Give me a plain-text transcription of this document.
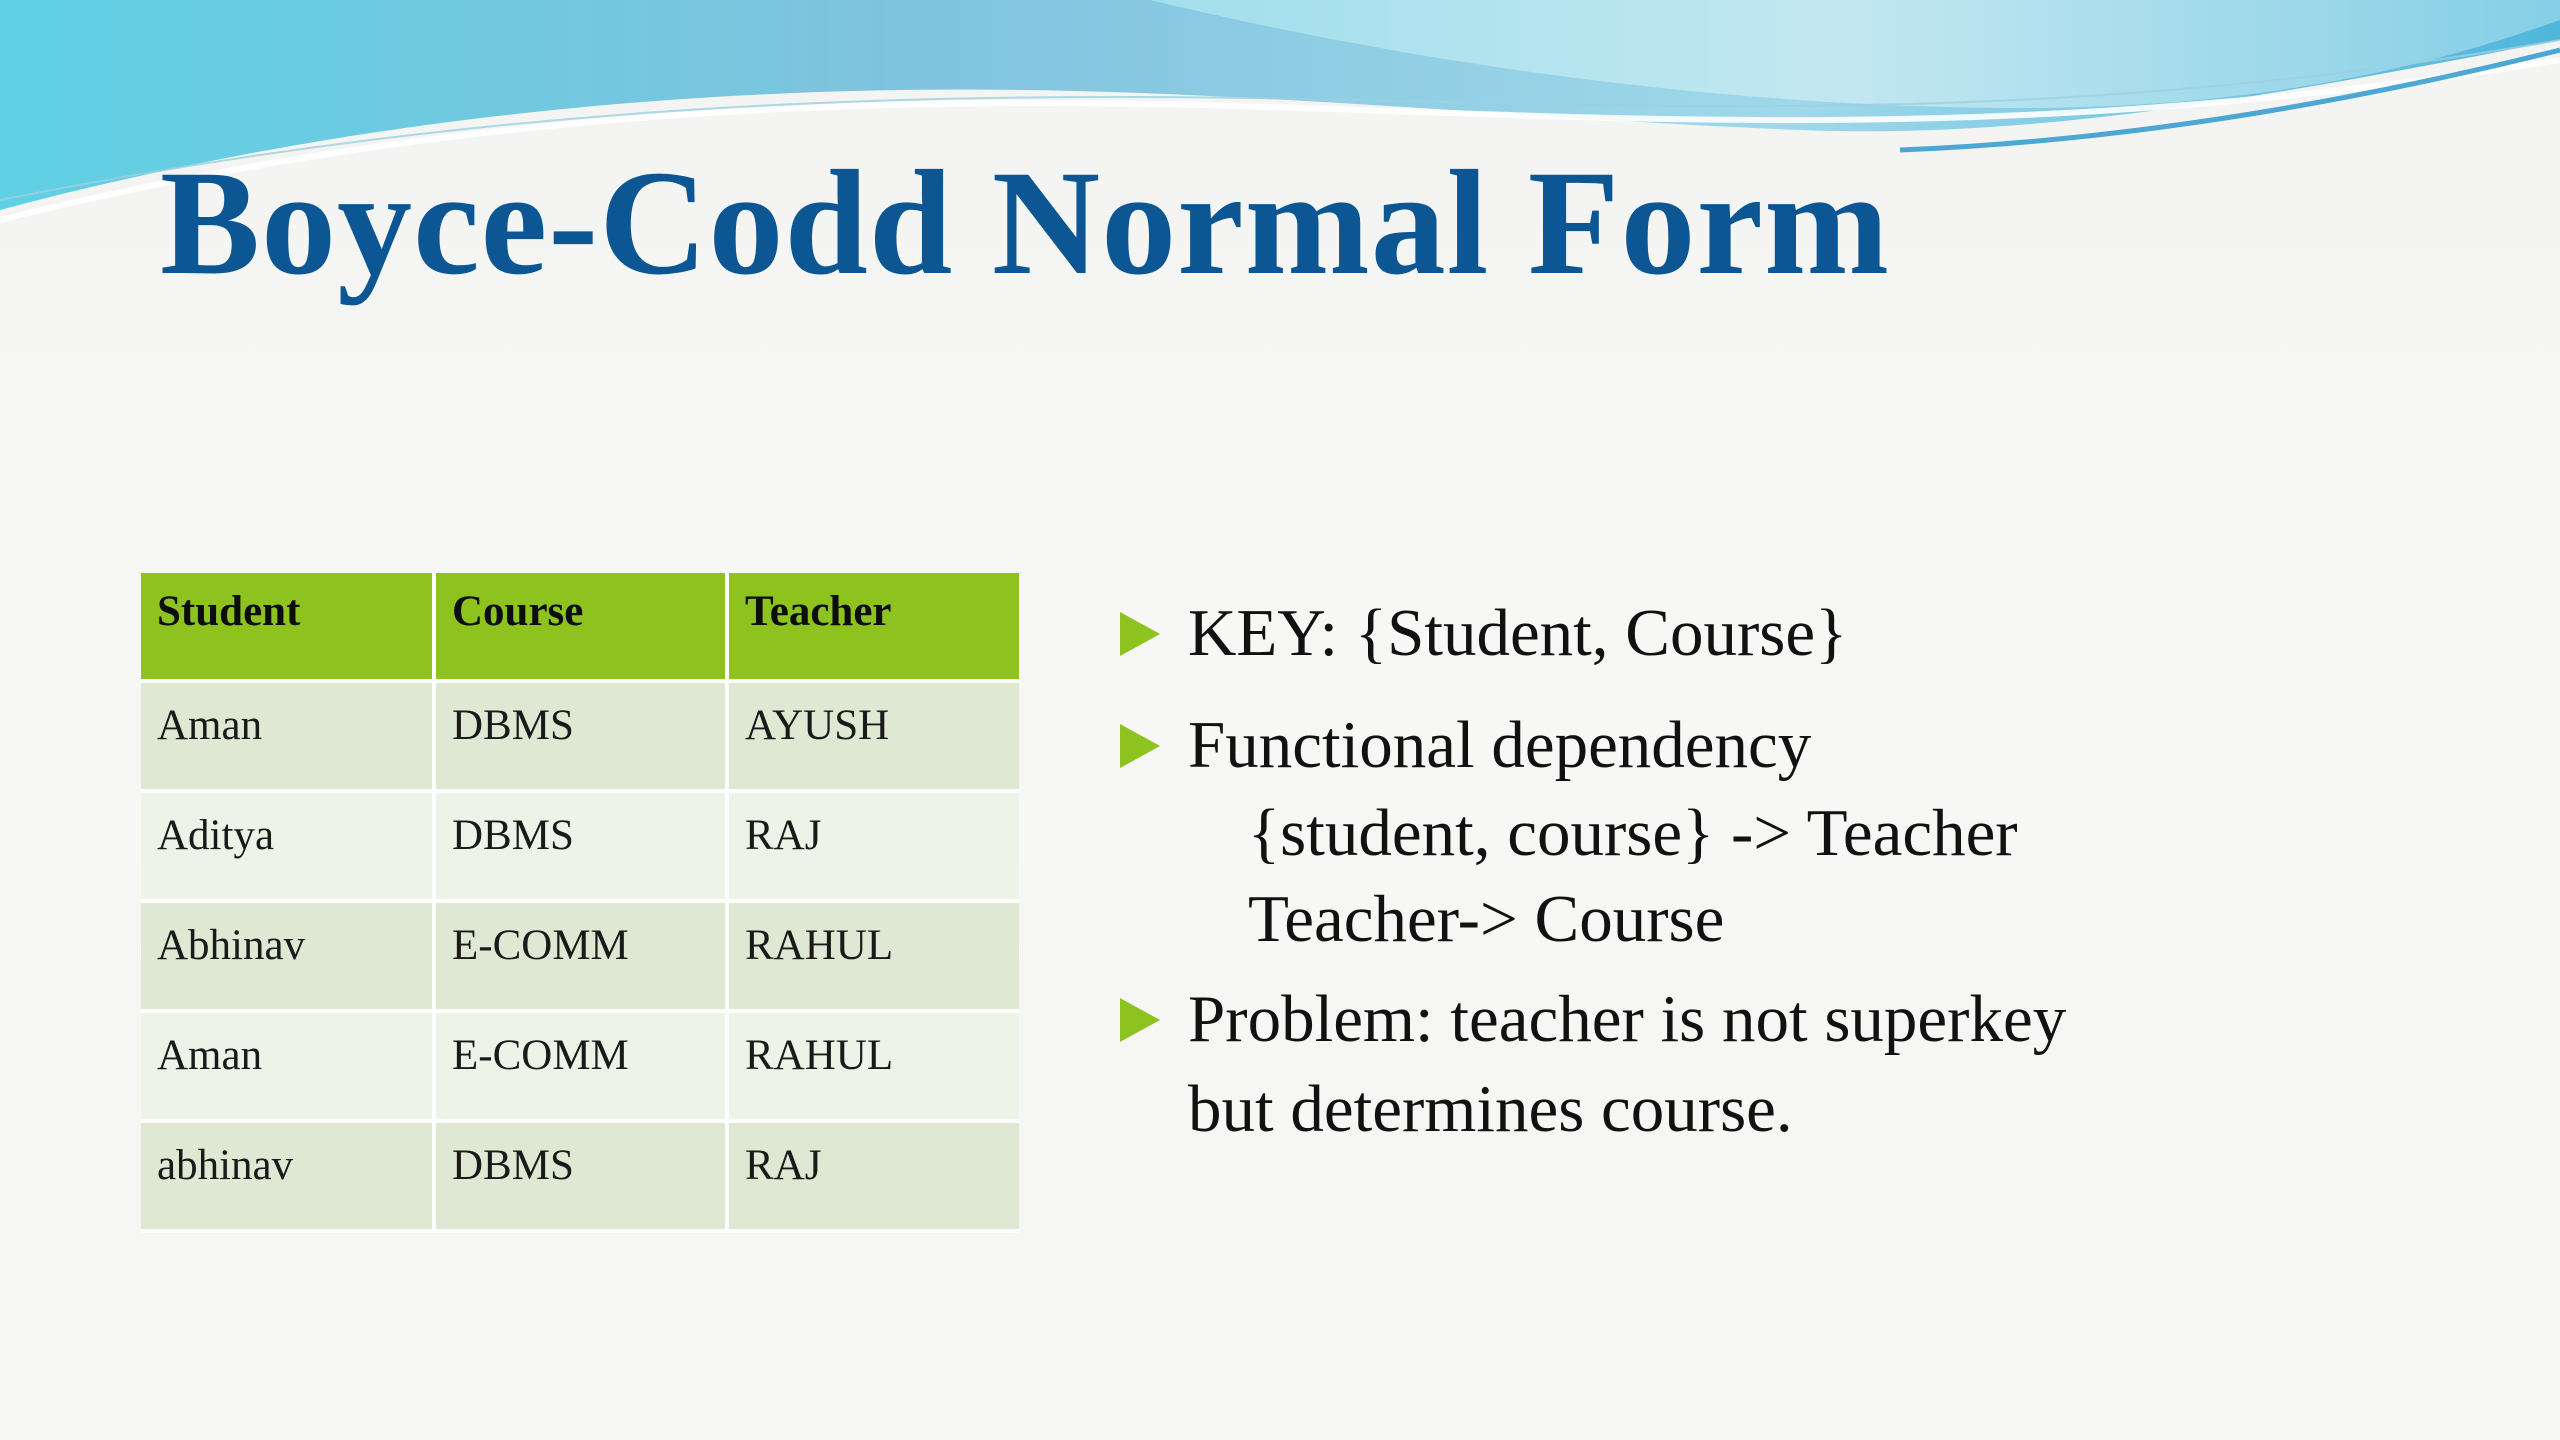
Boyce-Codd Normal Form
Student	Course	Teacher
Aman	DBMS	AYUSH
Aditya	DBMS	RAJ
Abhinav	E-COMM	RAHUL
Aman	E-COMM	RAHUL
abhinav	DBMS	RAJ
KEY: {Student, Course}
Functional dependency
{student, course} -> Teacher
Teacher-> Course
Problem: teacher is not superkey
but determines course.
